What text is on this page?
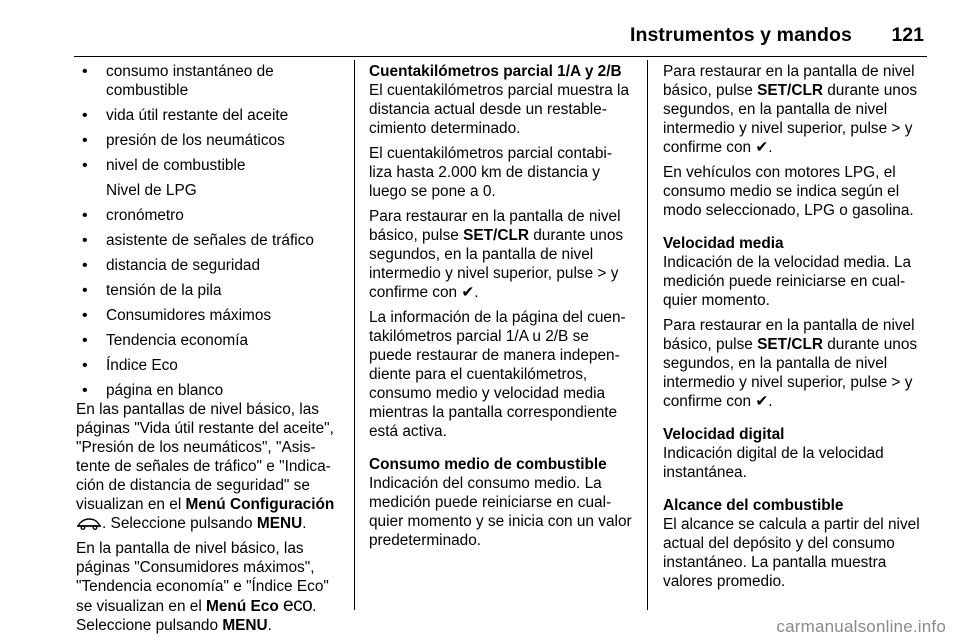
Instrumentos y mandos 121
• consumo instantáneo de combustible
• vida útil restante del aceite
• presión de los neumáticos
• nivel de combustible
Nivel de LPG
• cronómetro
• asistente de señales de tráfico
• distancia de seguridad
• tensión de la pila
• Consumidores máximos
• Tendencia economía
• Índice Eco
• página en blanco

En las pantallas de nivel básico, las páginas "Vida útil restante del aceite", "Presión de los neumáticos", "Asis-tente de señales de tráfico" e "Indica-ción de distancia de seguridad" se visualizan en el Menú Configuración
. Seleccione pulsando MENU.

En la pantalla de nivel básico, las páginas "Consumidores máximos", "Tendencia economía" e "Índice Eco" se visualizan en el Menú Eco eco. Seleccione pulsando MENU.

Cuentakilómetros parcial 1/A y 2/B

El cuentakilómetros parcial muestra la distancia actual desde un restable-cimiento determinado.

El cuentakilómetros parcial contabi-liza hasta 2.000 km de distancia y luego se pone a 0.

Para restaurar en la pantalla de nivel básico, pulse SET/CLR durante unos segundos, en la pantalla de nivel intermedio y nivel superior, pulse > y confirme con ✔.

La información de la página del cuen-takilómetros parcial 1/A u 2/B se puede restaurar de manera indepen-diente para el cuentakilómetros, consumo medio y velocidad media mientras la pantalla correspondiente está activa.

Consumo medio de combustible

Indicación del consumo medio. La medición puede reiniciarse en cual-quier momento y se inicia con un valor predeterminado.

Para restaurar en la pantalla de nivel básico, pulse SET/CLR durante unos segundos, en la pantalla de nivel intermedio y nivel superior, pulse > y confirme con ✔.

En vehículos con motores LPG, el consumo medio se indica según el modo seleccionado, LPG o gasolina.

Velocidad media

Indicación de la velocidad media. La medición puede reiniciarse en cual-quier momento.

Para restaurar en la pantalla de nivel básico, pulse SET/CLR durante unos segundos, en la pantalla de nivel intermedio y nivel superior, pulse > y confirme con ✔.

Velocidad digital

Indicación digital de la velocidad instantánea.

Alcance del combustible

El alcance se calcula a partir del nivel actual del depósito y del consumo instantáneo. La pantalla muestra valores promedio.

carmanualsonline.info
